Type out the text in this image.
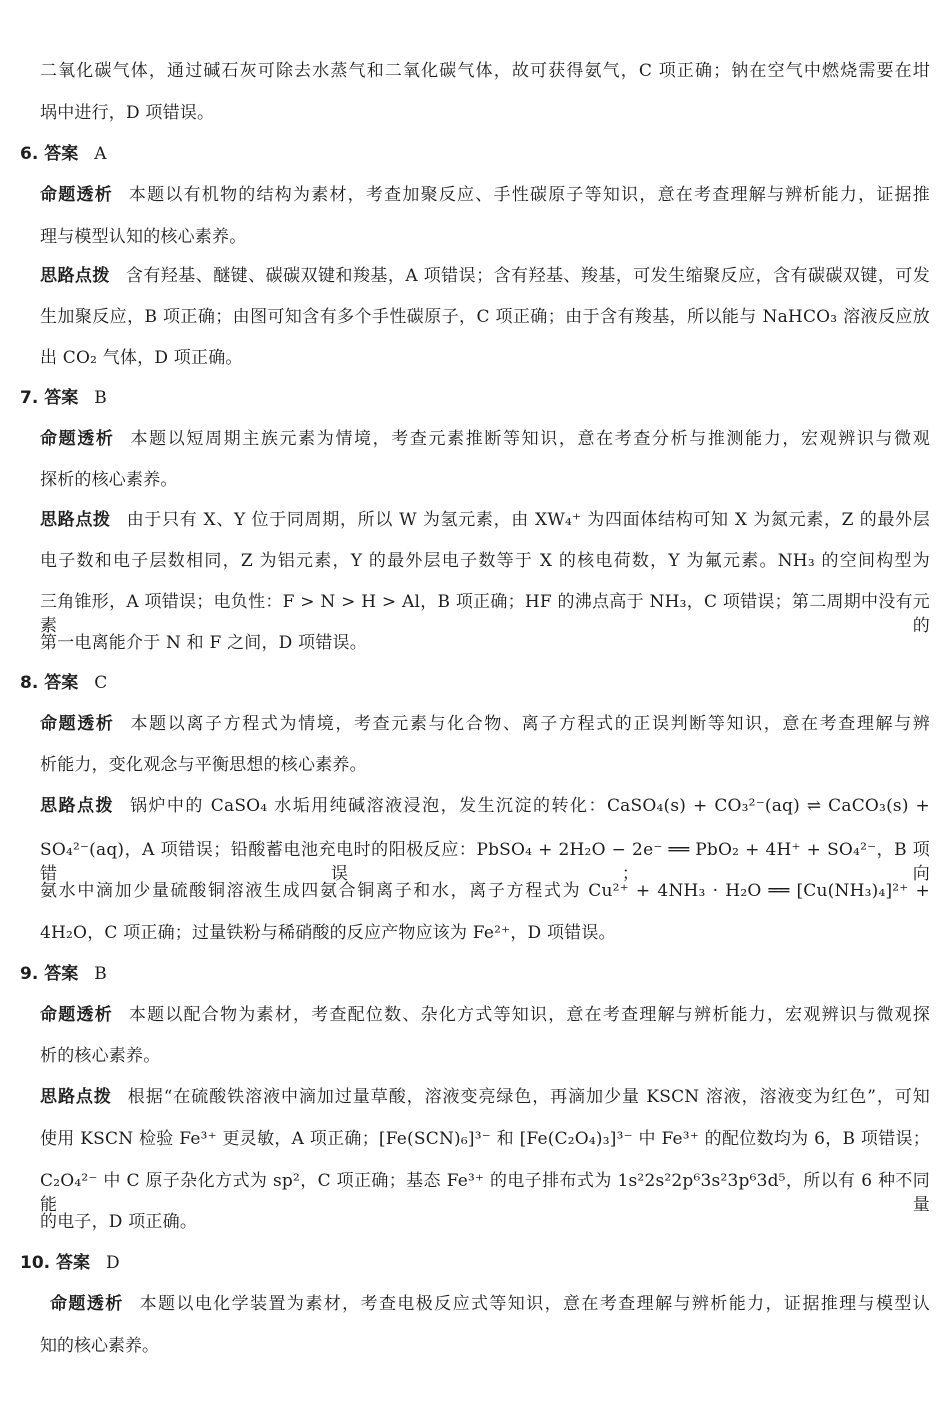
二氧化碳气体，通过碱石灰可除去水蒸气和二氧化碳气体，故可获得氨气，C 项正确；钠在空气中燃烧需要在坩
埚中进行，D 项错误。
6. 答案 A
命题透析 本题以有机物的结构为素材，考查加聚反应、手性碳原子等知识，意在考查理解与辨析能力，证据推
理与模型认知的核心素养。
思路点拨 含有羟基、醚键、碳碳双键和羧基，A 项错误；含有羟基、羧基，可发生缩聚反应，含有碳碳双键，可发
生加聚反应，B 项正确；由图可知含有多个手性碳原子，C 项正确；由于含有羧基，所以能与 NaHCO₃ 溶液反应放
出 CO₂ 气体，D 项正确。
7. 答案 B
命题透析 本题以短周期主族元素为情境，考查元素推断等知识，意在考查分析与推测能力，宏观辨识与微观
探析的核心素养。
思路点拨 由于只有 X、Y 位于同周期，所以 W 为氢元素，由 XW₄⁺ 为四面体结构可知 X 为氮元素，Z 的最外层
电子数和电子层数相同，Z 为铝元素，Y 的最外层电子数等于 X 的核电荷数，Y 为氟元素。NH₃ 的空间构型为
三角锥形，A 项错误；电负性：F > N > H > Al，B 项正确；HF 的沸点高于 NH₃，C 项错误；第二周期中没有元素的
第一电离能介于 N 和 F 之间，D 项错误。
8. 答案 C
命题透析 本题以离子方程式为情境，考查元素与化合物、离子方程式的正误判断等知识，意在考查理解与辨
析能力，变化观念与平衡思想的核心素养。
思路点拨 锅炉中的 CaSO₄ 水垢用纯碱溶液浸泡，发生沉淀的转化：CaSO₄(s) + CO₃²⁻(aq) ⇌ CaCO₃(s) +
SO₄²⁻(aq)，A 项错误；铅酸蓄电池充电时的阳极反应：PbSO₄ + 2H₂O − 2e⁻ ══ PbO₂ + 4H⁺ + SO₄²⁻，B 项错误；向
氨水中滴加少量硫酸铜溶液生成四氨合铜离子和水，离子方程式为 Cu²⁺ + 4NH₃ · H₂O ══ [Cu(NH₃)₄]²⁺ +
4H₂O，C 项正确；过量铁粉与稀硝酸的反应产物应该为 Fe²⁺，D 项错误。
9. 答案 B
命题透析 本题以配合物为素材，考查配位数、杂化方式等知识，意在考查理解与辨析能力，宏观辨识与微观探
析的核心素养。
思路点拨 根据“在硫酸铁溶液中滴加过量草酸，溶液变亮绿色，再滴加少量 KSCN 溶液，溶液变为红色”，可知
使用 KSCN 检验 Fe³⁺ 更灵敏，A 项正确；[Fe(SCN)₆]³⁻ 和 [Fe(C₂O₄)₃]³⁻ 中 Fe³⁺ 的配位数均为 6，B 项错误；
C₂O₄²⁻ 中 C 原子杂化方式为 sp²，C 项正确；基态 Fe³⁺ 的电子排布式为 1s²2s²2p⁶3s²3p⁶3d⁵，所以有 6 种不同能量
的电子，D 项正确。
10. 答案 D
命题透析 本题以电化学装置为素材，考查电极反应式等知识，意在考查理解与辨析能力，证据推理与模型认
知的核心素养。
